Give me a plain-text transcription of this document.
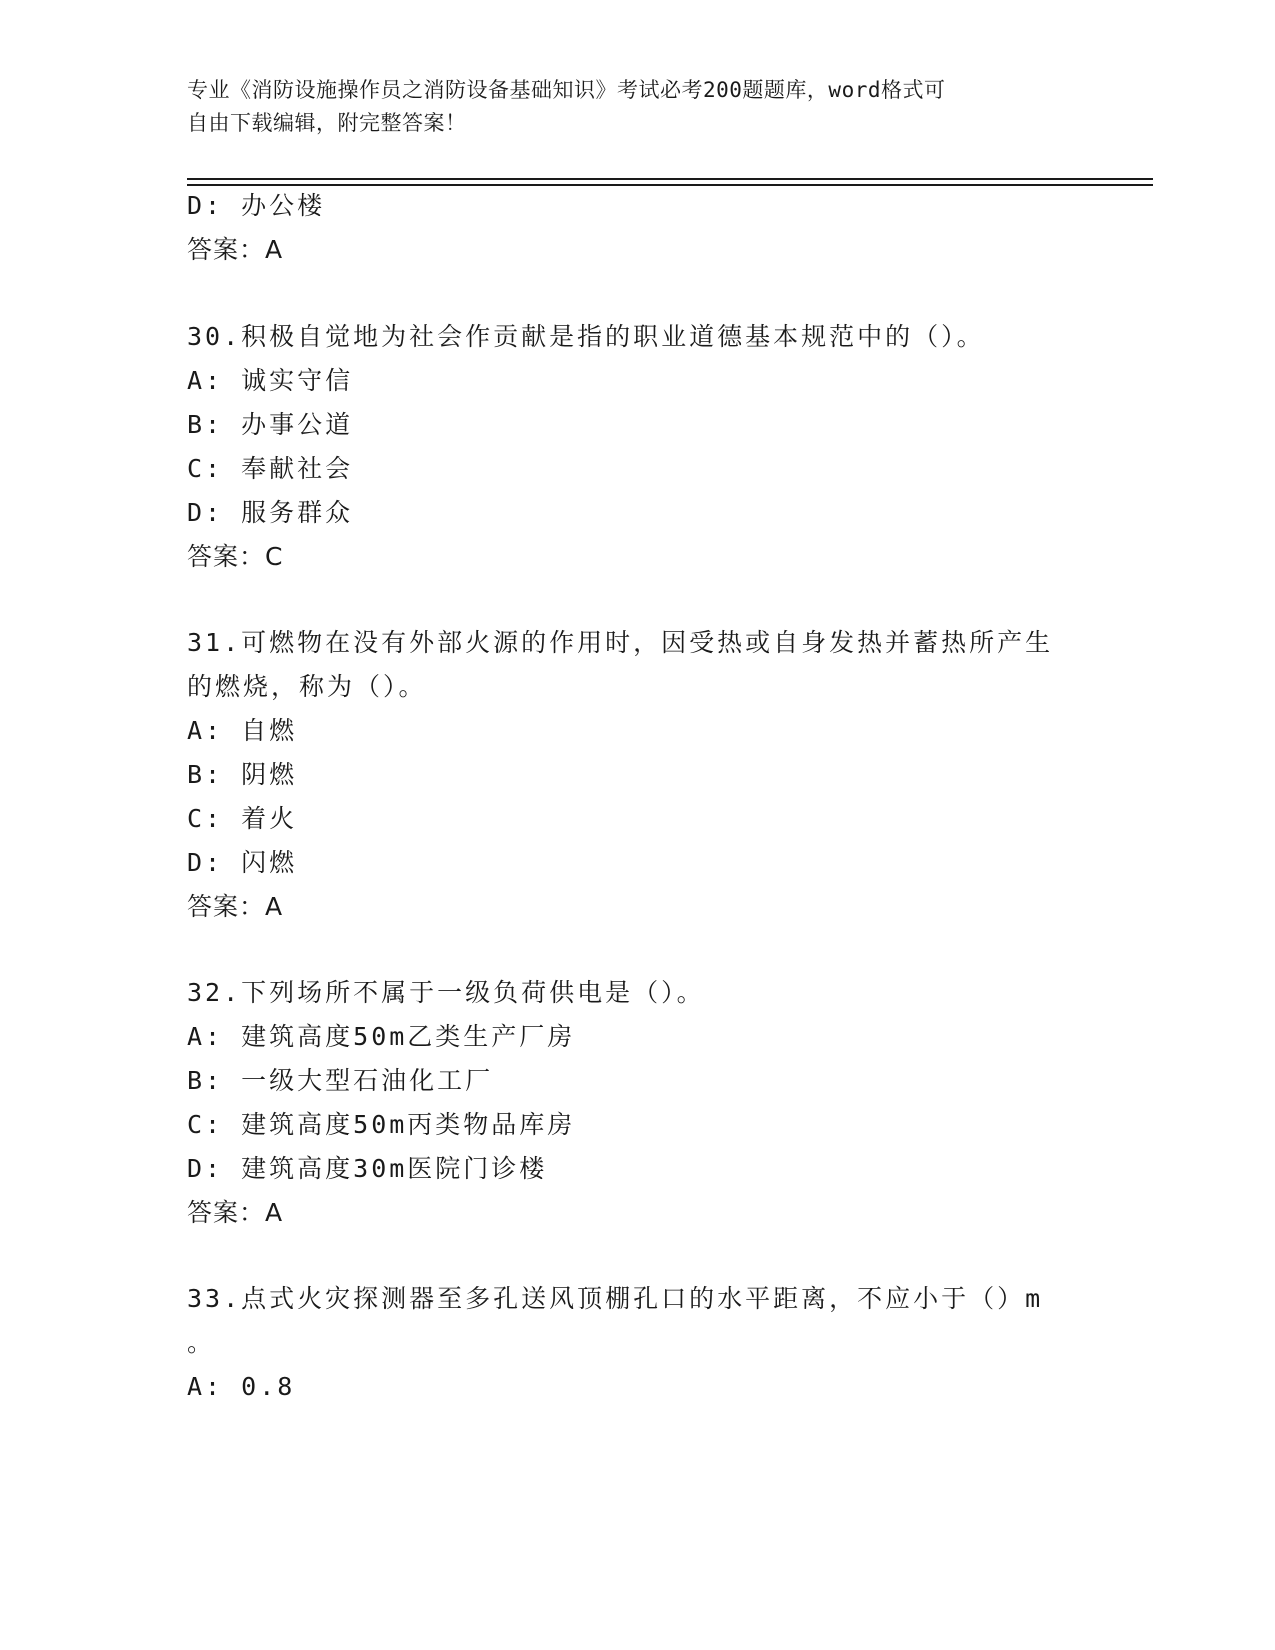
专业《消防设施操作员之消防设备基础知识》考试必考200题题库，word格式可
自由下载编辑，附完整答案！
D: 办公楼
答案：A
30.积极自觉地为社会作贡献是指的职业道德基本规范中的（）。
A: 诚实守信
B: 办事公道
C: 奉献社会
D: 服务群众
答案：C
31.可燃物在没有外部火源的作用时，因受热或自身发热并蓄热所产生
的燃烧，称为（）。
A: 自燃
B: 阴燃
C: 着火
D: 闪燃
答案：A
32.下列场所不属于一级负荷供电是（）。
A: 建筑高度50m乙类生产厂房
B: 一级大型石油化工厂
C: 建筑高度50m丙类物品库房
D: 建筑高度30m医院门诊楼
答案：A
33.点式火灾探测器至多孔送风顶棚孔口的水平距离，不应小于（）m
。
A: 0.8
